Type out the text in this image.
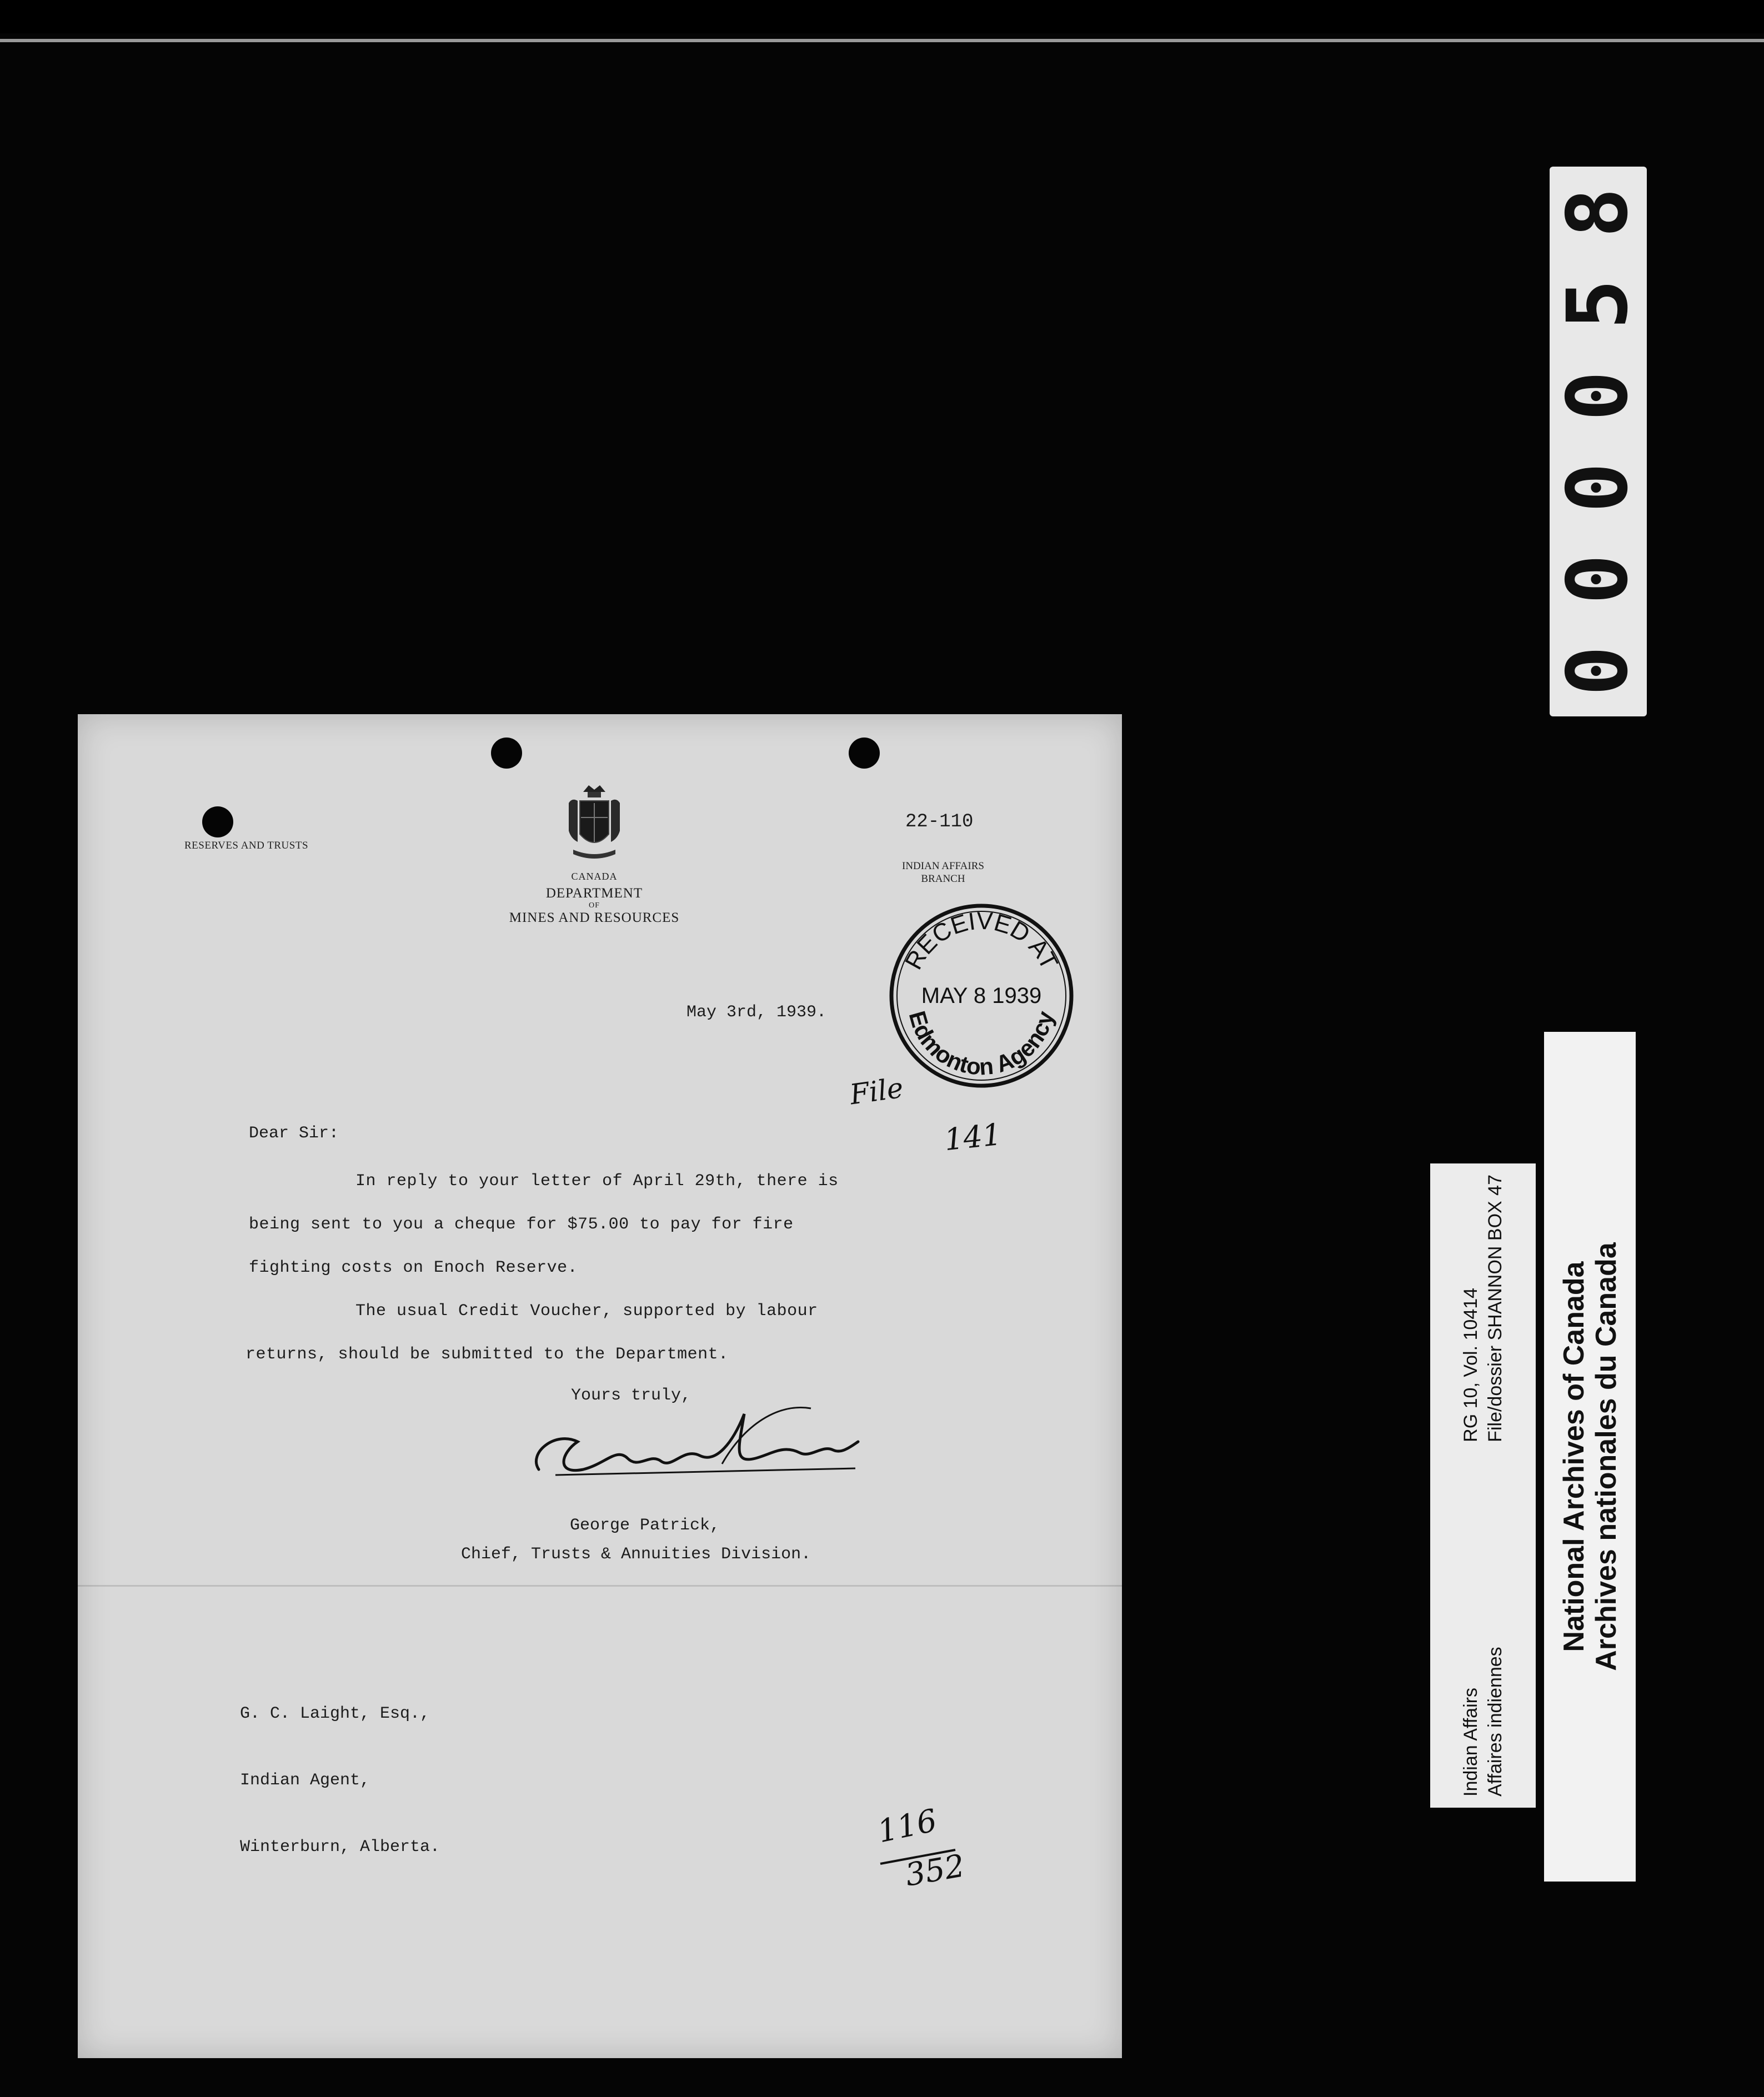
8
5
0
0
0
0
Indian Affairs Affaires indiennes
RG 10, Vol. 10414 File/dossier SHANNON BOX 47 National Archives of Canada Archives nationales du Canada
RESERVES AND TRUSTS
CANADA
DEPARTMENT
OF
MINES AND RESOURCES
22-110
INDIAN AFFAIRS
BRANCH
RECEIVED AT
MAY 8 1939
Edmonton Agency
May 3rd, 1939.
File
141
Dear Sir:
In reply to your letter of April 29th, there is
being sent to you a cheque for $75.00 to pay for fire
fighting costs on Enoch Reserve.
The usual Credit Voucher, supported by labour
returns, should be submitted to the Department.
Yours truly,
George Patrick,
Chief, Trusts & Annuities Division.

G. C. Laight, Esq.,

Indian Agent,

Winterburn, Alberta.

	116
352
